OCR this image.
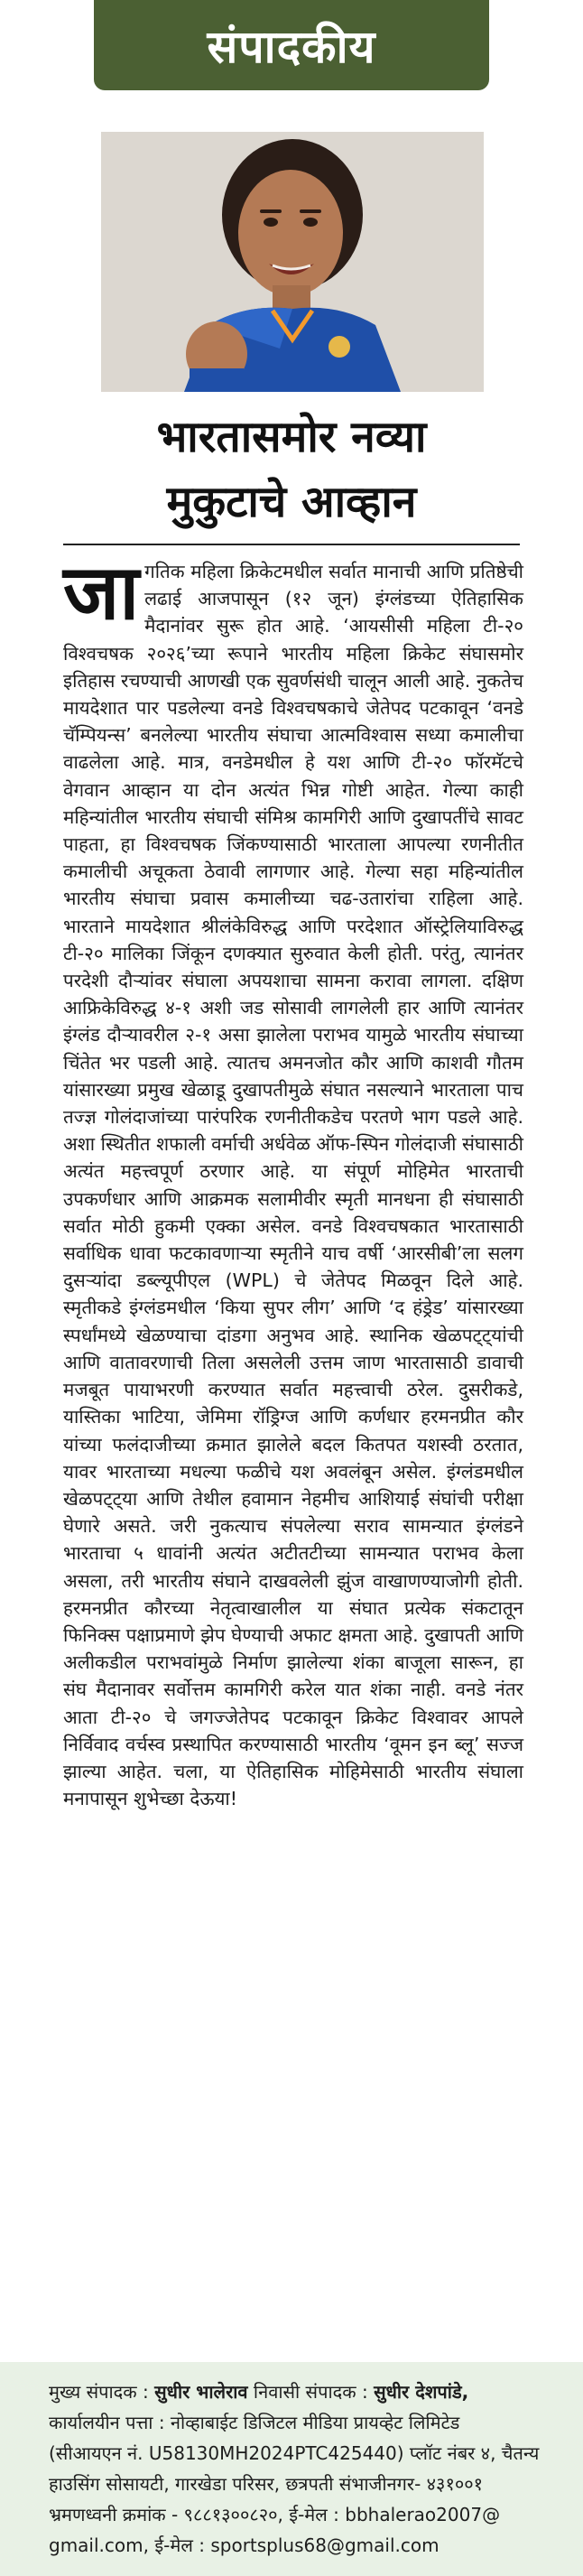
संपादकीय
भारतासमोर नव्या
मुकुटाचे आव्हान
जा गतिक महिला क्रिकेटमधील सर्वात मानाची आणि प्रतिष्ठेची लढाई आजपासून (१२ जून) इंग्लंडच्या ऐतिहासिक मैदानांवर सुरू होत आहे. ‘आयसीसी महिला टी-२० विश्वचषक २०२६’च्या रूपाने भारतीय महिला क्रिकेट संघासमोर इतिहास रचण्याची आणखी एक सुवर्णसंधी चालून आली आहे. नुकतेच मायदेशात पार पडलेल्या वनडे विश्वचषकाचे जेतेपद पटकावून ‘वनडे चॅम्पियन्स’ बनलेल्या भारतीय संघाचा आत्मविश्वास सध्या कमालीचा वाढलेला आहे. मात्र, वनडेमधील हे यश आणि टी-२० फॉरमॅटचे वेगवान आव्हान या दोन अत्यंत भिन्न गोष्टी आहेत. गेल्या काही महिन्यांतील भारतीय संघाची संमिश्र कामगिरी आणि दुखापतींचे सावट पाहता, हा विश्वचषक जिंकण्यासाठी भारताला आपल्या रणनीतीत कमालीची अचूकता ठेवावी लागणार आहे. गेल्या सहा महिन्यांतील भारतीय संघाचा प्रवास कमालीच्या चढ-उतारांचा राहिला आहे. भारताने मायदेशात श्रीलंकेविरुद्ध आणि परदेशात ऑस्ट्रेलियाविरुद्ध टी-२० मालिका जिंकून दणक्यात सुरुवात केली होती. परंतु, त्यानंतर परदेशी दौऱ्यांवर संघाला अपयशाचा सामना करावा लागला. दक्षिण आफ्रिकेविरुद्ध ४-१ अशी जड सोसावी लागलेली हार आणि त्यानंतर इंग्लंड दौऱ्यावरील २-१ असा झालेला पराभव यामुळे भारतीय संघाच्या चिंतेत भर पडली आहे. त्यातच अमनजोत कौर आणि काशवी गौतम यांसारख्या प्रमुख खेळाडू दुखापतीमुळे संघात नसल्याने भारताला पाच तज्ज्ञ गोलंदाजांच्या पारंपरिक रणनीतीकडेच परतणे भाग पडले आहे. अशा स्थितीत शफाली वर्माची अर्धवेळ ऑफ-स्पिन गोलंदाजी संघासाठी अत्यंत महत्त्वपूर्ण ठरणार आहे. या संपूर्ण मोहिमेत भारताची उपकर्णधार आणि आक्रमक सलामीवीर स्मृती मानधना ही संघासाठी सर्वात मोठी हुकमी एक्का असेल. वनडे विश्वचषकात भारतासाठी सर्वाधिक धावा फटकावणाऱ्या स्मृतीने याच वर्षी ‘आरसीबी’ला सलग दुसऱ्यांदा डब्ल्यूपीएल (WPL) चे जेतेपद मिळवून दिले आहे. स्मृतीकडे इंग्लंडमधील ‘किया सुपर लीग’ आणि ‘द हंड्रेड’ यांसारख्या स्पर्धांमध्ये खेळण्याचा दांडगा अनुभव आहे. स्थानिक खेळपट्ट्यांची आणि वातावरणाची तिला असलेली उत्तम जाण भारतासाठी डावाची मजबूत पायाभरणी करण्यात सर्वात महत्त्वाची ठरेल. दुसरीकडे, यास्तिका भाटिया, जेमिमा रॉड्रिग्ज आणि कर्णधार हरमनप्रीत कौर यांच्या फलंदाजीच्या क्रमात झालेले बदल कितपत यशस्वी ठरतात, यावर भारताच्या मधल्या फळीचे यश अवलंबून असेल. इंग्लंडमधील खेळपट्ट्या आणि तेथील हवामान नेहमीच आशियाई संघांची परीक्षा घेणारे असते. जरी नुकत्याच संपलेल्या सराव सामन्यात इंग्लंडने भारताचा ५ धावांनी अत्यंत अटीतटीच्या सामन्यात पराभव केला असला, तरी भारतीय संघाने दाखवलेली झुंज वाखाणण्याजोगी होती. हरमनप्रीत कौरच्या नेतृत्वाखालील या संघात प्रत्येक संकटातून फिनिक्स पक्षाप्रमाणे झेप घेण्याची अफाट क्षमता आहे. दुखापती आणि अलीकडील पराभवांमुळे निर्माण झालेल्या शंका बाजूला सारून, हा संघ मैदानावर सर्वोत्तम कामगिरी करेल यात शंका नाही. वनडे नंतर आता टी-२० चे जगज्जेतेपद पटकावून क्रिकेट विश्वावर आपले निर्विवाद वर्चस्व प्रस्थापित करण्यासाठी भारतीय ‘वूमन इन ब्लू’ सज्ज झाल्या आहेत. चला, या ऐतिहासिक मोहिमेसाठी भारतीय संघाला मनापासून शुभेच्छा देऊया!
मुख्य संपादक : सुधीर भालेराव निवासी संपादक : सुधीर देशपांडे,
कार्यालयीन पत्ता : नोव्हाबाईट डिजिटल मीडिया प्रायव्हेट लिमिटेड
(सीआयएन नं. U58130MH2024PTC425440) प्लॉट नंबर ४, चैतन्य
हाउसिंग सोसायटी, गारखेडा परिसर, छत्रपती संभाजीनगर- ४३१००१
भ्रमणध्वनी क्रमांक - ९८८१३००८२०, ई-मेल : bbhalerao2007@
gmail.com, ई-मेल : sportsplus68@gmail.com
